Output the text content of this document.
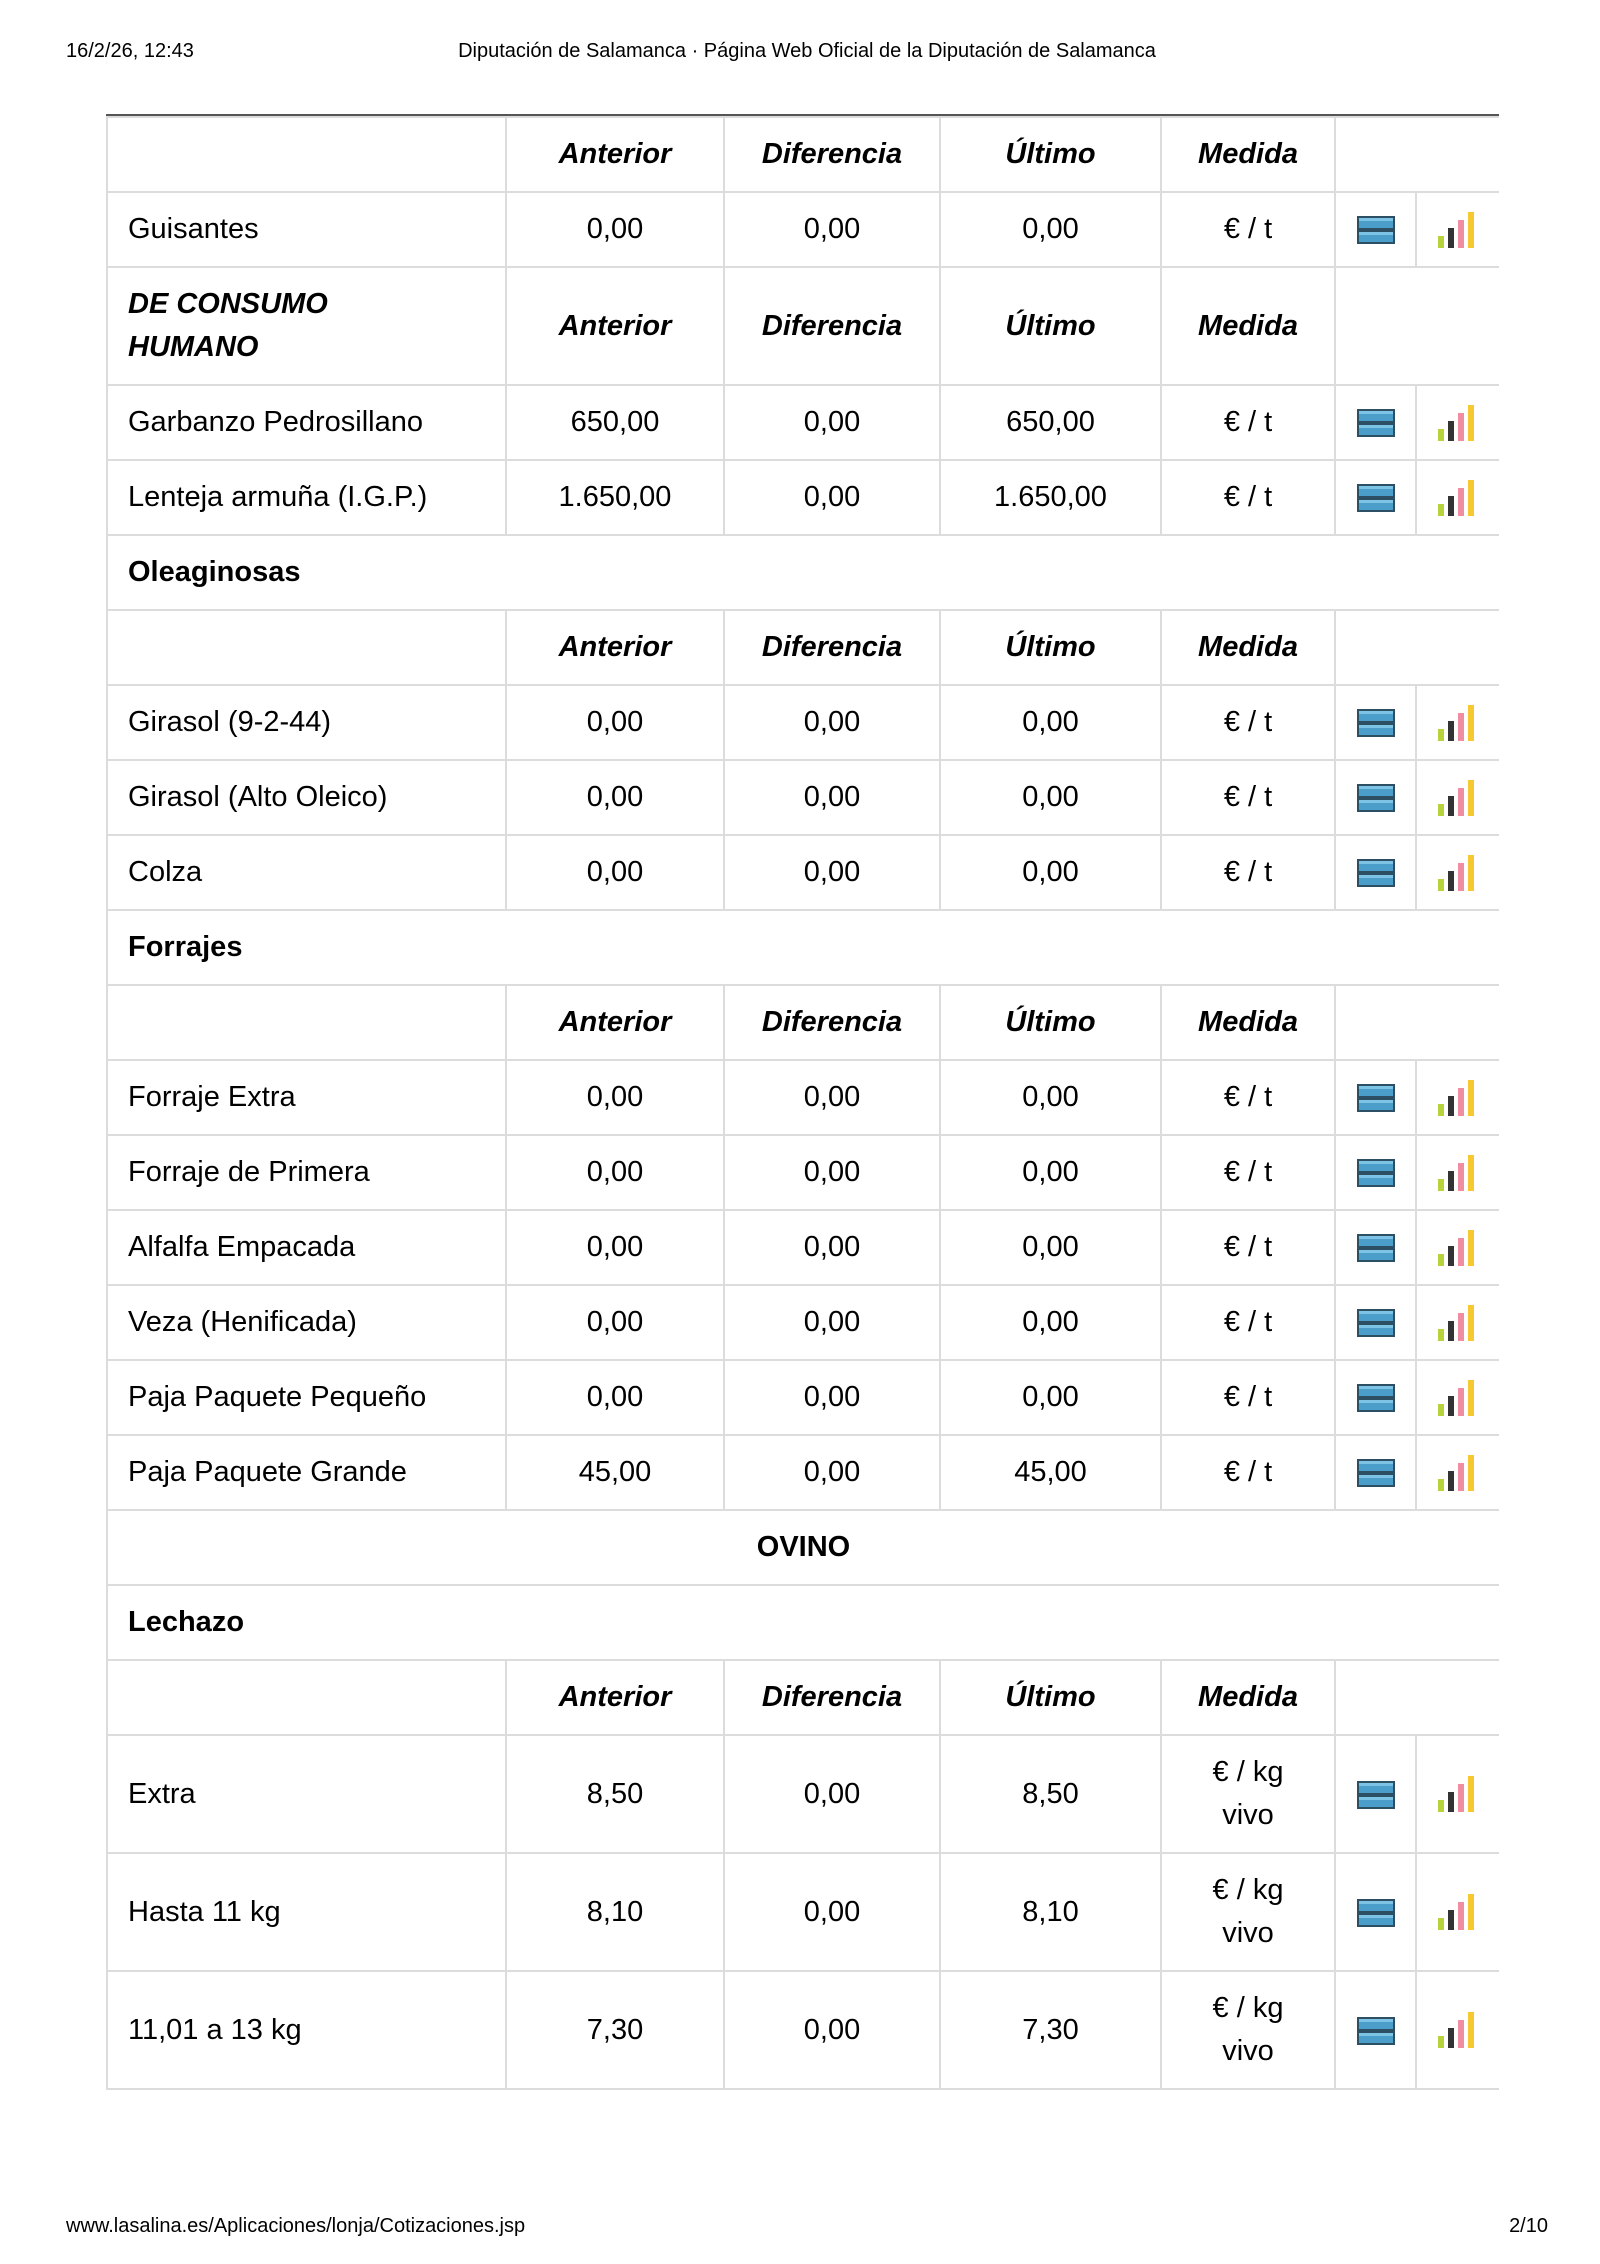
16/2/26, 12:43	Diputación de Salamanca · Página Web Oficial de la Diputación de Salamanca
	Anterior	Diferencia	Último	Medida		
Guisantes	0,00	0,00	0,00	€ / t		
DE CONSUMO
HUMANO	Anterior	Diferencia	Último	Medida		
Garbanzo Pedrosillano	650,00	0,00	650,00	€ / t		
Lenteja armuña (I.G.P.)	1.650,00	0,00	1.650,00	€ / t		
Oleaginosas						
	Anterior	Diferencia	Último	Medida		
Girasol (9-2-44)	0,00	0,00	0,00	€ / t		
Girasol (Alto Oleico)	0,00	0,00	0,00	€ / t		
Colza	0,00	0,00	0,00	€ / t		
Forrajes						
	Anterior	Diferencia	Último	Medida		
Forraje Extra	0,00	0,00	0,00	€ / t		
Forraje de Primera	0,00	0,00	0,00	€ / t		
Alfalfa Empacada	0,00	0,00	0,00	€ / t		
Veza (Henificada)	0,00	0,00	0,00	€ / t		
Paja Paquete Pequeño	0,00	0,00	0,00	€ / t		
Paja Paquete Grande	45,00	0,00	45,00	€ / t		
OVINO						
Lechazo						
	Anterior	Diferencia	Último	Medida		
Extra	8,50	0,00	8,50	€ / kg
vivo		
Hasta 11 kg	8,10	0,00	8,10	€ / kg
vivo		
11,01 a 13 kg	7,30	0,00	7,30	€ / kg
vivo		
www.lasalina.es/Aplicaciones/lonja/Cotizaciones.jsp	2/10
